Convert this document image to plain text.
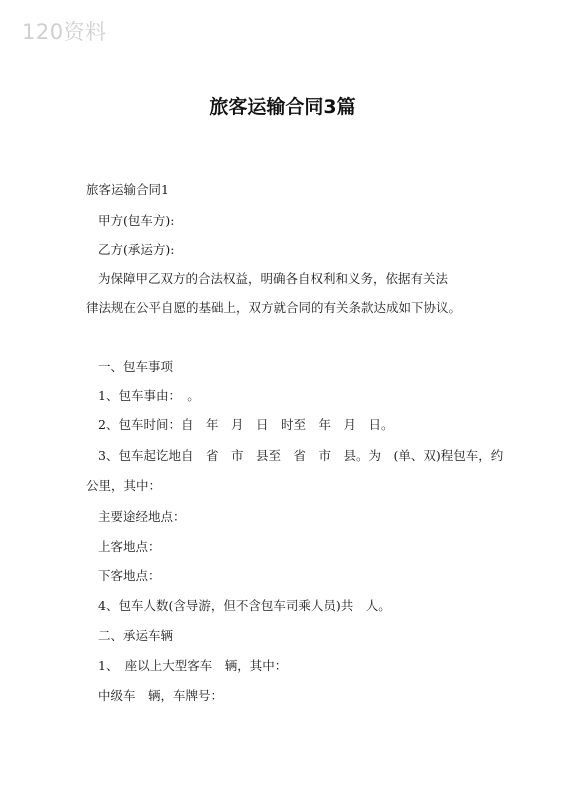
120资料
旅客运输合同3篇
旅客运输合同1
甲方(包车方):
乙方(承运方):
为保障甲乙双方的合法权益，明确各自权利和义务，依据有关法
律法规在公平自愿的基础上，双方就合同的有关条款达成如下协议。
一、包车事项
1、包车事由：　。
2、包车时间：自　年　月　日　时至　年　月　日。
3、包车起讫地自　省　市　县至　省　市　县。为　(单、双)程包车，约
公里，其中：
主要途经地点：
上客地点：
下客地点：
4、包车人数(含导游，但不含包车司乘人员)共　人。
二、承运车辆
1、　座以上大型客车　辆，其中：
中级车　辆，车牌号：
